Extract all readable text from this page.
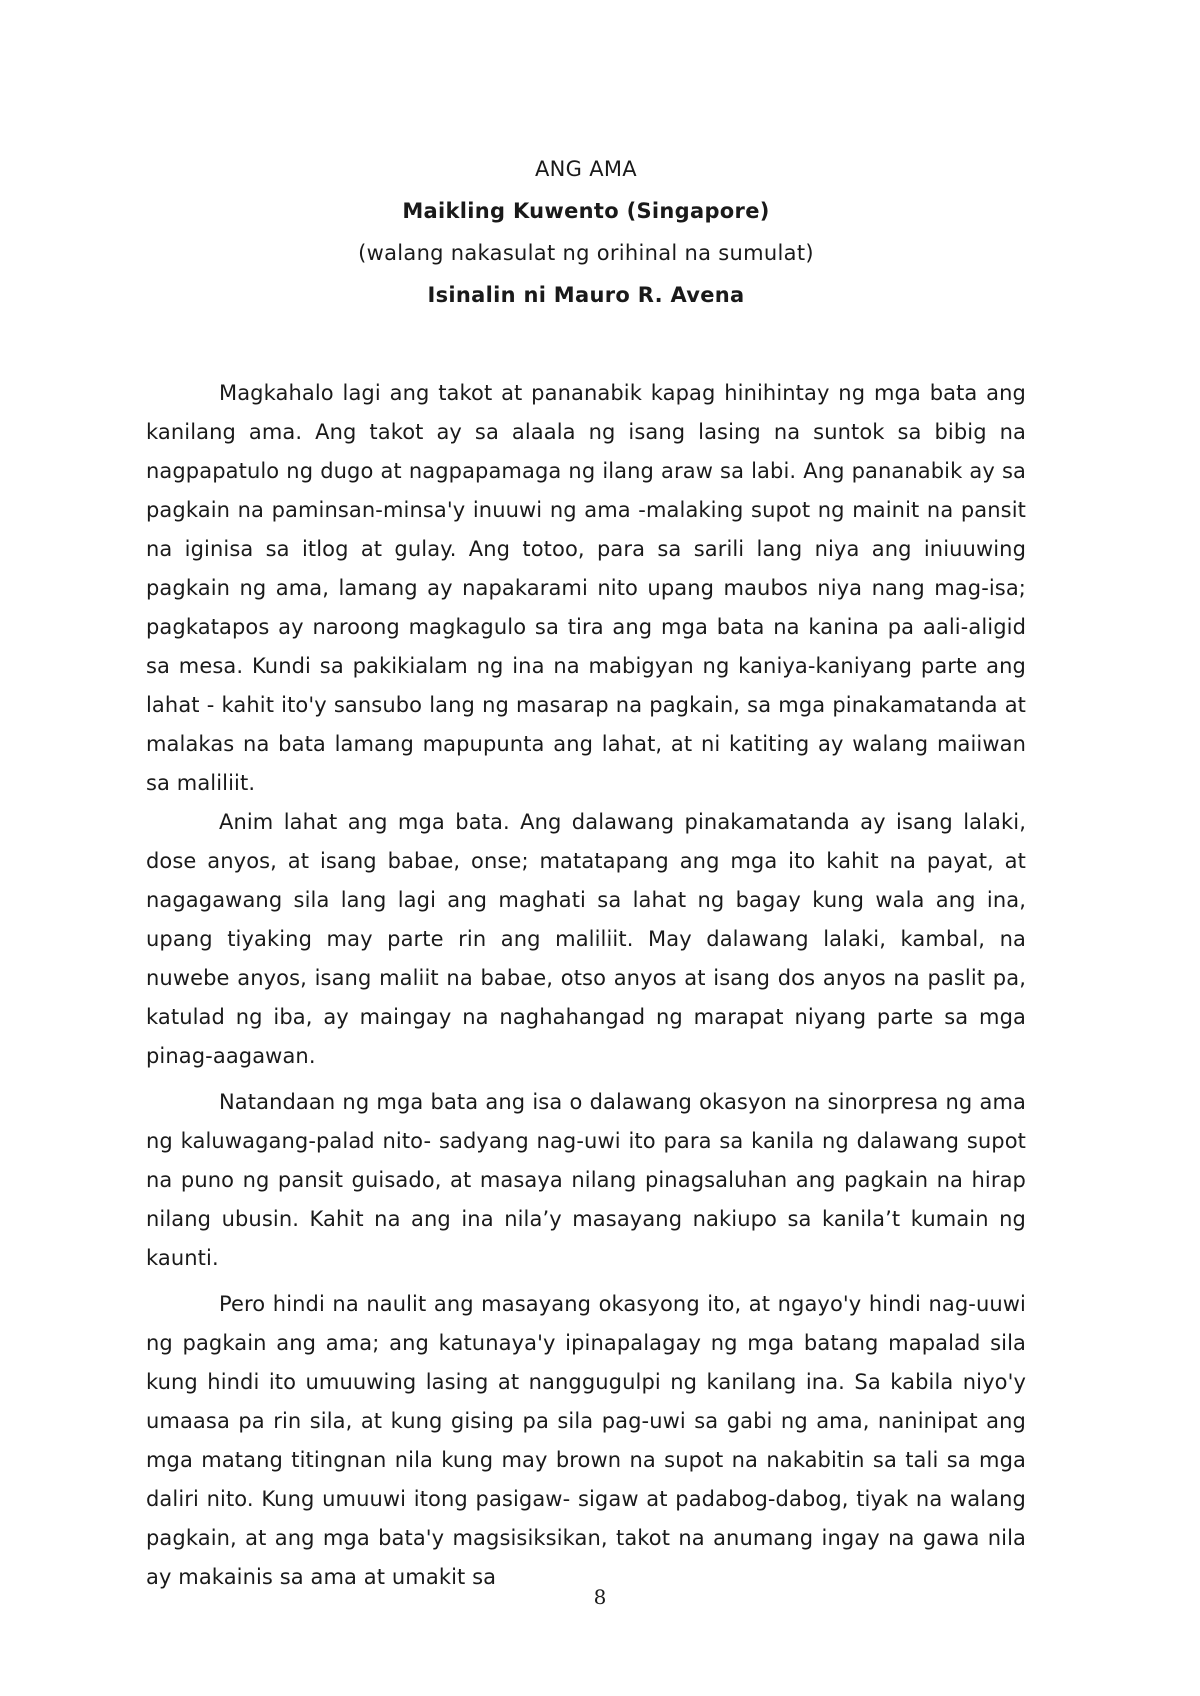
ANG AMA
Maikling Kuwento (Singapore)
(walang nakasulat ng orihinal na sumulat)
Isinalin ni Mauro R. Avena

Magkahalo lagi ang takot at pananabik kapag hinihintay ng mga bata ang kanilang ama. Ang takot ay sa alaala ng isang lasing na suntok sa bibig na nagpapatulo ng dugo at nagpapamaga ng ilang araw sa labi. Ang pananabik ay sa pagkain na paminsan-minsa'y inuuwi ng ama -malaking supot ng mainit na pansit na iginisa sa itlog at gulay. Ang totoo, para sa sarili lang niya ang iniuuwing pagkain ng ama, lamang ay napakarami nito upang maubos niya nang mag-isa; pagkatapos ay naroong magkagulo sa tira ang mga bata na kanina pa aali-aligid sa mesa. Kundi sa pakikialam ng ina na mabigyan ng kaniya-kaniyang parte ang lahat - kahit ito'y sansubo lang ng masarap na pagkain, sa mga pinakamatanda at malakas na bata lamang mapupunta ang lahat, at ni katiting ay walang maiiwan sa maliliit.

Anim lahat ang mga bata. Ang dalawang pinakamatanda ay isang lalaki, dose anyos, at isang babae, onse; matatapang ang mga ito kahit na payat, at nagagawang sila lang lagi ang maghati sa lahat ng bagay kung wala ang ina, upang tiyaking may parte rin ang maliliit. May dalawang lalaki, kambal, na nuwebe anyos, isang maliit na babae, otso anyos at isang dos anyos na paslit pa, katulad ng iba, ay maingay na naghahangad ng marapat niyang parte sa mga pinag-aagawan.

Natandaan ng mga bata ang isa o dalawang okasyon na sinorpresa ng ama ng kaluwagang-palad nito- sadyang nag-uwi ito para sa kanila ng dalawang supot na puno ng pansit guisado, at masaya nilang pinagsaluhan ang pagkain na hirap nilang ubusin. Kahit na ang ina nila’y masayang nakiupo sa kanila’t kumain ng kaunti.

Pero hindi na naulit ang masayang okasyong ito, at ngayo'y hindi nag-uuwi ng pagkain ang ama; ang katunaya'y ipinapalagay ng mga batang mapalad sila kung hindi ito umuuwing lasing at nanggugulpi ng kanilang ina. Sa kabila niyo'y umaasa pa rin sila, at kung gising pa sila pag-uwi sa gabi ng ama, naninipat ang mga matang titingnan nila kung may brown na supot na nakabitin sa tali sa mga daliri nito. Kung umuuwi itong pasigaw- sigaw at padabog-dabog, tiyak na walang pagkain, at ang mga bata'y magsisiksikan, takot na anumang ingay na gawa nila ay makainis sa ama at umakit sa

8
